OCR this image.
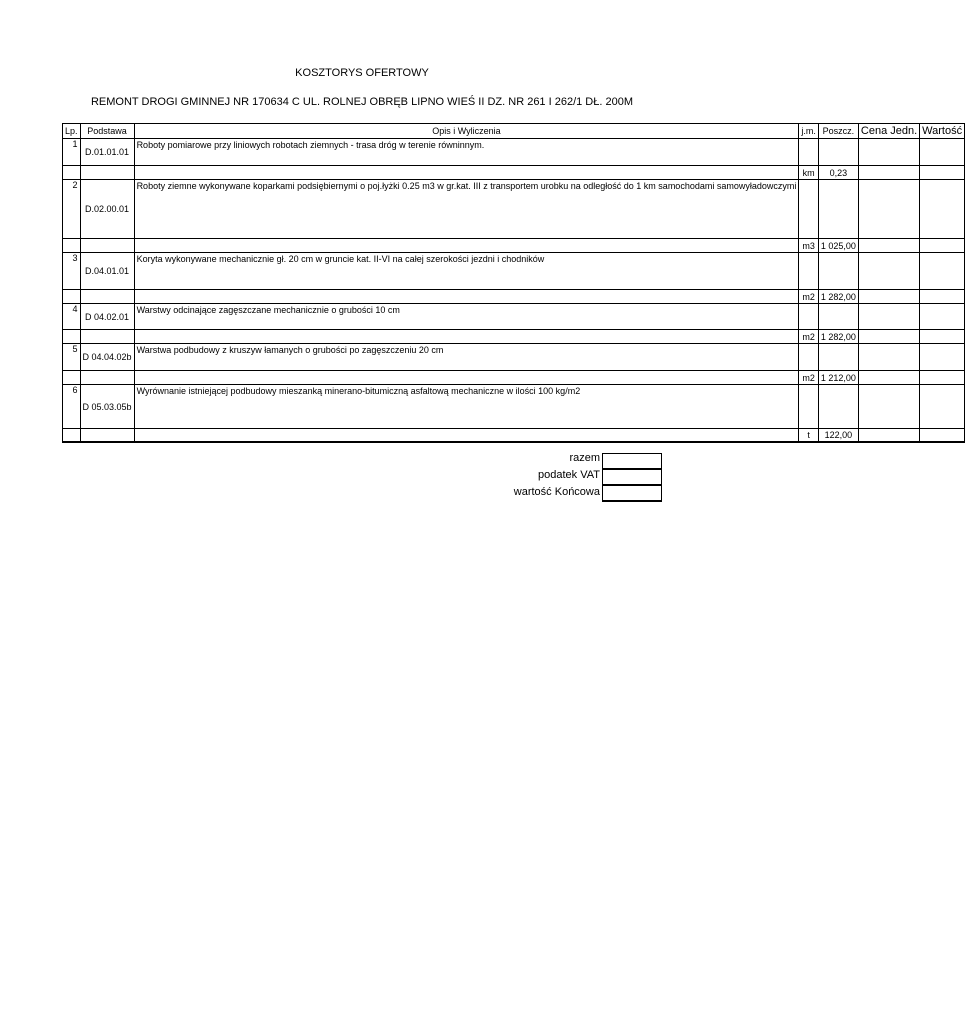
KOSZTORYS OFERTOWY
REMONT DROGI GMINNEJ NR 170634 C UL. ROLNEJ OBRĘB LIPNO WIEŚ II DZ. NR 261 I 262/1 DŁ. 200M
Lp.	Podstawa	Opis i Wyliczenia	j.m.	Poszcz.	Cena Jedn.	Wartość
1	D.01.01.01	Roboty pomiarowe przy liniowych robotach ziemnych - trasa dróg w terenie równinnym.				
			km	0,23		
2	D.02.00.01	Roboty ziemne wykonywane koparkami podsiębiernymi o poj.łyżki 0.25 m3 w gr.kat. III z transportem urobku na odległość do 1 km samochodami samowyładowczymi				
			m3	1 025,00		
3	D.04.01.01	Koryta wykonywane mechanicznie gł. 20 cm w gruncie kat. II-VI na całej szerokości jezdni i chodników				
			m2	1 282,00		
4	D 04.02.01	Warstwy odcinające zagęszczane mechanicznie o grubości 10 cm				
			m2	1 282,00		
5	D 04.04.02b	Warstwa podbudowy z kruszyw łamanych o grubości po zagęszczeniu 20 cm				
			m2	1 212,00		
6	D 05.03.05b	Wyrównanie istniejącej podbudowy mieszanką minerano-bitumiczną asfaltową mechaniczne w ilości 100 kg/m2				
			t	122,00		
razem
podatek VAT
wartość Końcowa
